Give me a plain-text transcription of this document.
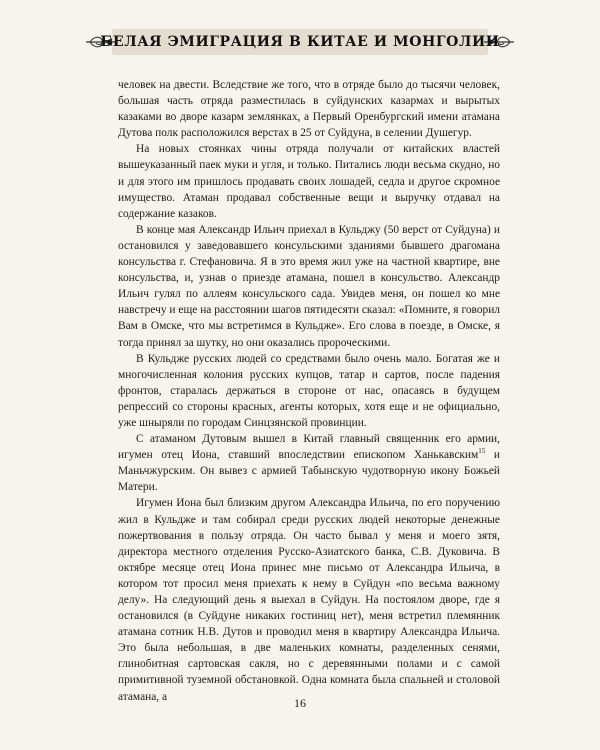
БЕЛАЯ ЭМИГРАЦИЯ В КИТАЕ И МОНГОЛИИ

человек на двести. Вследствие же того, что в отряде было до тысячи человек, большая часть отряда разместилась в суйдунских казармах и вырытых казаками во дворе казарм землянках, а Первый Оренбургский имени атамана Дутова полк расположился верстах в 25 от Суйдуна, в селении Душегур.

На новых стоянках чины отряда получали от китайских властей вышеуказанный паек муки и угля, и только. Питались люди весьма скудно, но и для этого им пришлось продавать своих лошадей, седла и другое скромное имущество. Атаман продавал собственные вещи и выручку отдавал на содержание казаков.

В конце мая Александр Ильич приехал в Кульджу (50 верст от Суйдуна) и остановился у заведовавшего консульскими зданиями бывшего драгомана консульства г. Стефановича. Я в это время жил уже на частной квартире, вне консульства, и, узнав о приезде атамана, пошел в консульство. Александр Ильич гулял по аллеям консульского сада. Увидев меня, он пошел ко мне навстречу и еще на расстоянии шагов пятидесяти сказал: «Помните, я говорил Вам в Омске, что мы встретимся в Кульдже». Его слова в поезде, в Омске, я тогда принял за шутку, но они оказались пророческими.

В Кульдже русских людей со средствами было очень мало. Богатая же и многочисленная колония русских купцов, татар и сартов, после падения фронтов, старалась держаться в стороне от нас, опасаясь в будущем репрессий со стороны красных, агенты которых, хотя еще и не официально, уже шныряли по городам Синцзянской провинции.

С атаманом Дутовым вышел в Китай главный священник его армии, игумен отец Иона, ставший впоследствии епископом Ханькавским$^{15}$ и Маньчжурским. Он вывез с армией Табынскую чудотворную икону Божьей Матери.

Игумен Иона был близким другом Александра Ильича, по его поручению жил в Кульдже и там собирал среди русских людей некоторые денежные пожертвования в пользу отряда. Он часто бывал у меня и моего зятя, директора местного отделения Русско-Азиатского банка, С.В. Дуковича. В октябре месяце отец Иона принес мне письмо от Александра Ильича, в котором тот просил меня приехать к нему в Суйдун «по весьма важному делу». На следующий день я выехал в Суйдун. На постоялом дворе, где я остановился (в Суйдуне никаких гостиниц нет), меня встретил племянник атамана сотник Н.В. Дутов и проводил меня в квартиру Александра Ильича. Это была небольшая, в две маленьких комнаты, разделенных сенями, глинобитная сартовская сакля, но с деревянными полами и с самой примитивной туземной обстановкой. Одна комната была спальней и столовой атамана, а	16
